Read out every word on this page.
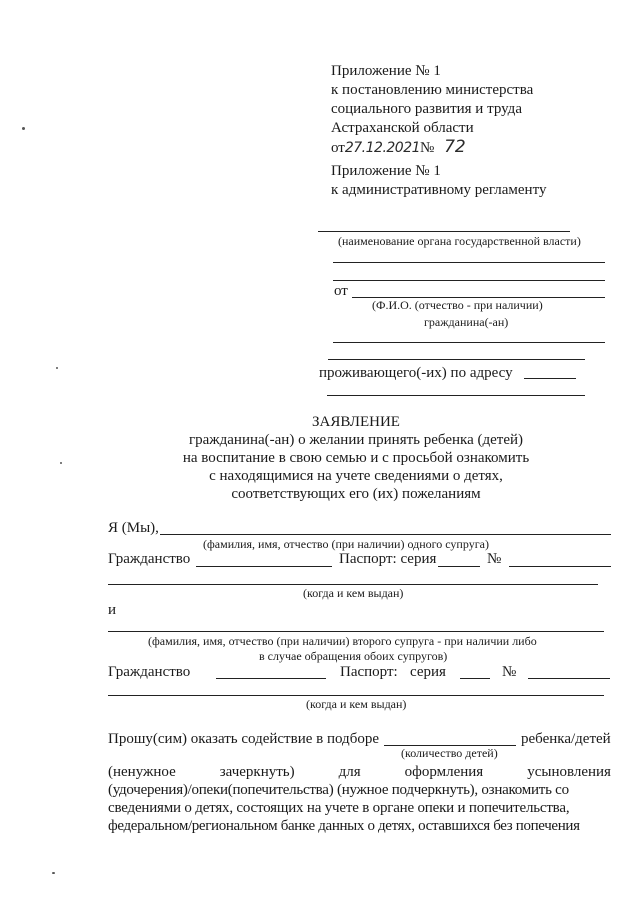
Приложение № 1
к постановлению министерства
социального развития и труда
Астраханской области
от27.12.2021№ 72
Приложение № 1
к административному регламенту
(наименование органа государственной власти)
от
(Ф.И.О. (отчество - при наличии)
гражданина(-ан)
проживающего(-их) по адресу
ЗАЯВЛЕНИЕ
гражданина(-ан) о желании принять ребенка (детей)
на воспитание в свою семью и с просьбой ознакомить
с находящимися на учете сведениями о детях,
соответствующих его (их) пожеланиям
Я (Мы),
(фамилия, имя, отчество (при наличии) одного супруга)
Гражданство	Паспорт: серия	№
(когда и кем выдан)
и
(фамилия, имя, отчество (при наличии) второго супруга - при наличии либо
в случае обращения обоих супругов)
Гражданство	Паспорт: серия	№
(когда и кем выдан)
Прошу(сим) оказать содействие в подборе	ребенка/детей
(количество детей)
(ненужное	зачеркнуть)	для	оформления	усыновления
(удочерения)/опеки(попечительства) (нужное подчеркнуть), ознакомить со
сведениями о детях, состоящих на учете в органе опеки и попечительства,
федеральном/региональном банке данных о детях, оставшихся без попечения
